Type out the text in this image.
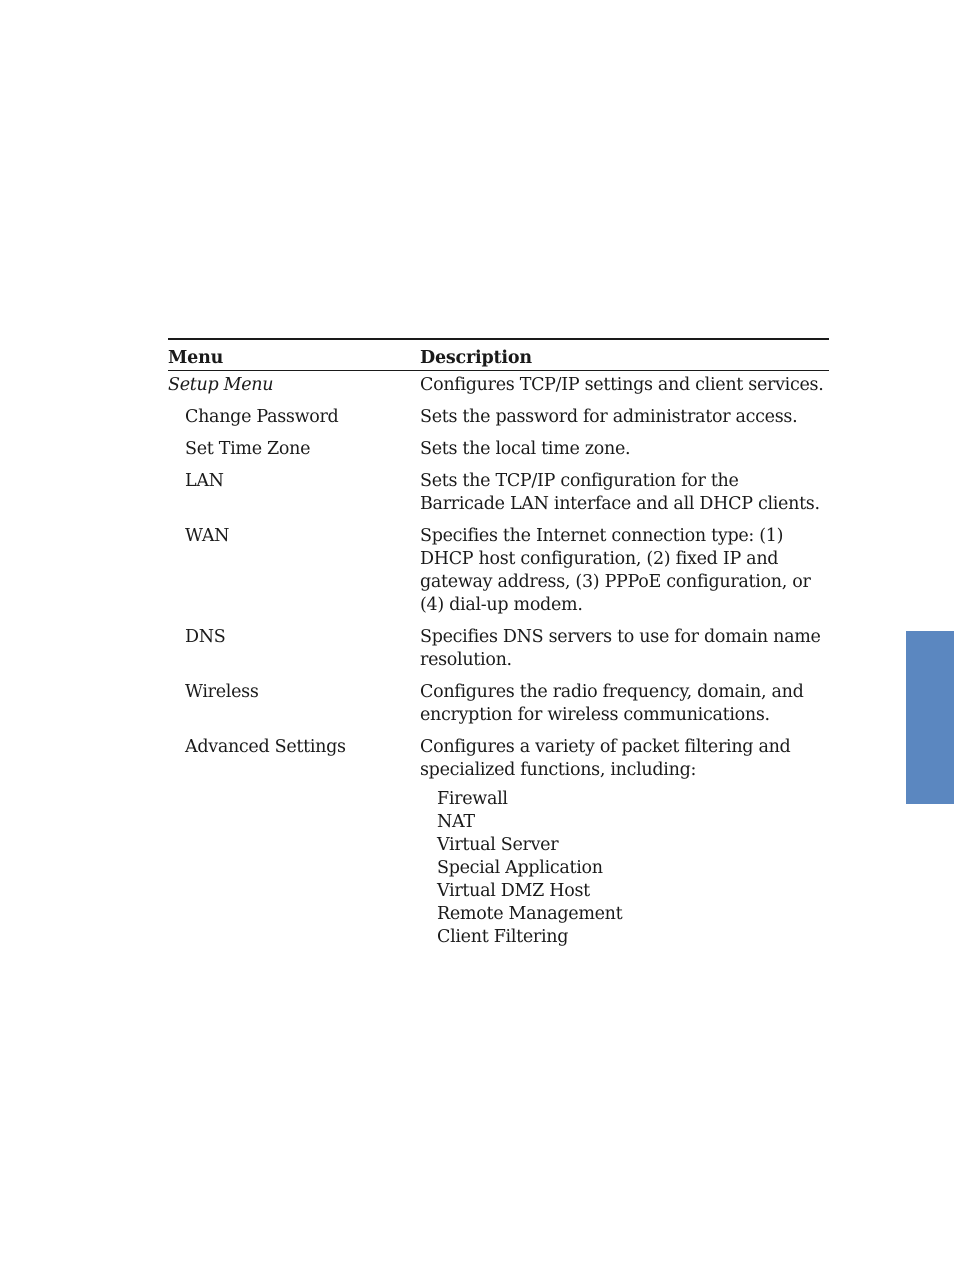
Menu	Description
Setup Menu	Configures TCP/IP settings and client services.
Change Password	Sets the password for administrator access.
Set Time Zone	Sets the local time zone.
LAN	Sets the TCP/IP configuration for the
Barricade LAN interface and all DHCP clients.
WAN	Specifies the Internet connection type: (1)
DHCP host configuration, (2) fixed IP and
gateway address, (3) PPPoE configuration, or
(4) dial-up modem.
DNS	Specifies DNS servers to use for domain name
resolution.
Wireless	Configures the radio frequency, domain, and
encryption for wireless communications.
Advanced Settings	Configures a variety of packet filtering and
specialized functions, including:
Firewall
NAT
Virtual Server
Special Application
Virtual DMZ Host
Remote Management
Client Filtering
